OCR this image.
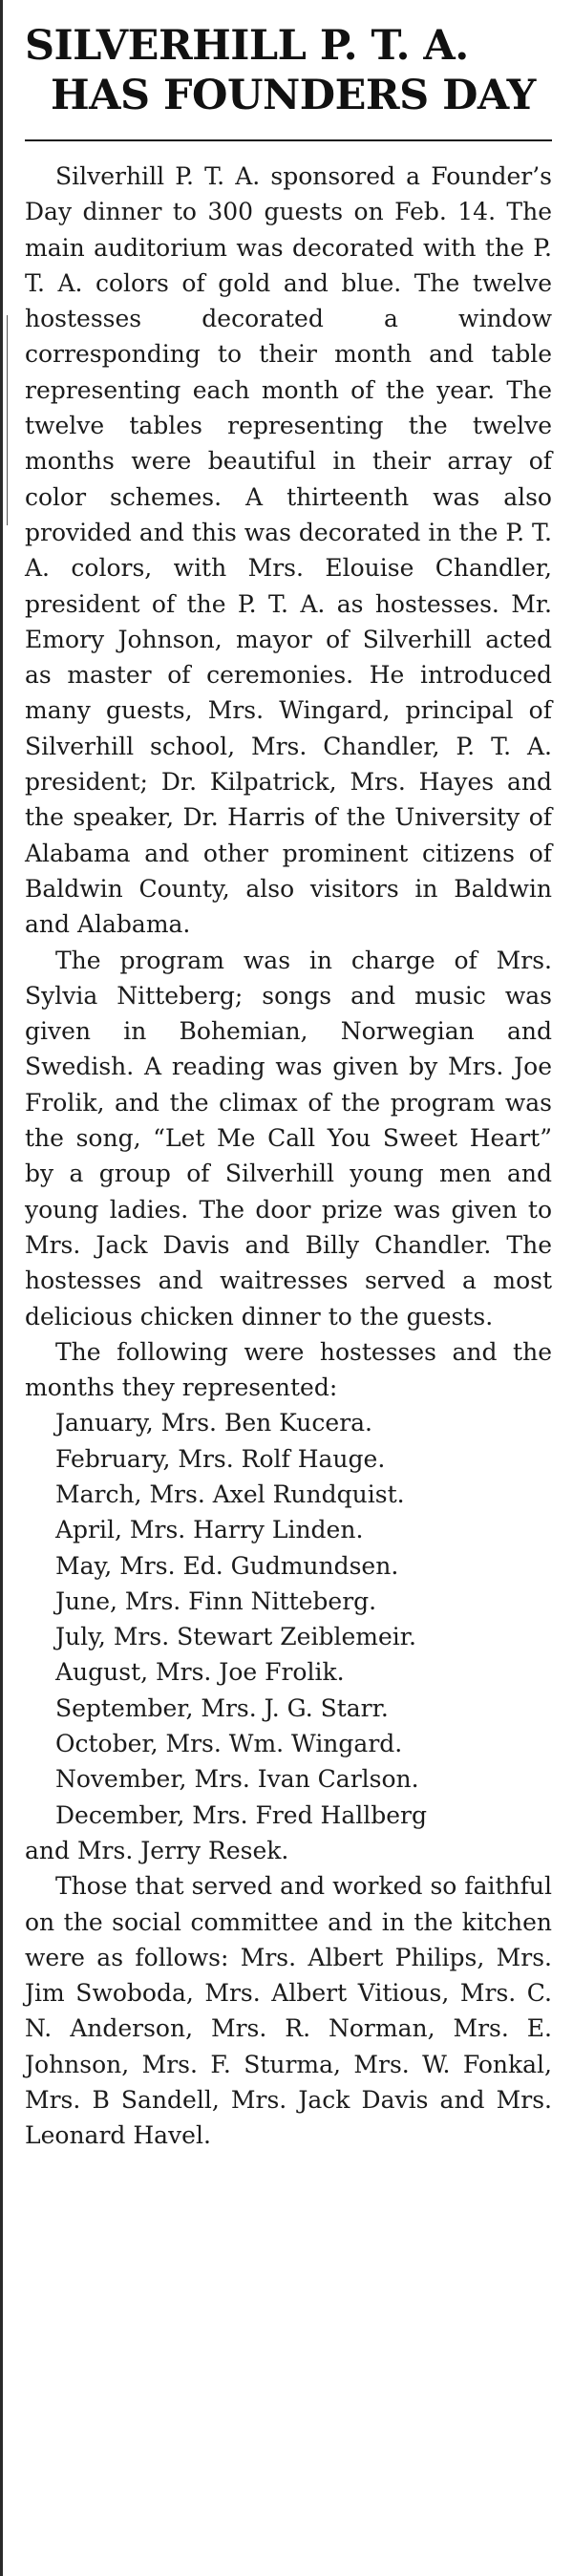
SILVERHILL P. T. A.
HAS FOUNDERS DAY

Silverhill P. T. A. sponsored a Founder’s Day dinner to 300 guests on Feb. 14. The main auditorium was decorated with the P. T. A. colors of gold and blue. The twelve hostesses decorated a window corresponding to their month and table representing each month of the year. The twelve tables representing the twelve months were beautiful in their array of color schemes. A thirteenth was also provided and this was decorated in the P. T. A. colors, with Mrs. Elouise Chandler, president of the P. T. A. as hostesses. Mr. Emory Johnson, mayor of Silverhill acted as master of ceremonies. He introduced many guests, Mrs. Wingard, principal of Silverhill school, Mrs. Chandler, P. T. A. president; Dr. Kilpatrick, Mrs. Hayes and the speaker, Dr. Harris of the University of Alabama and other prominent citizens of Baldwin County, also visitors in Baldwin and Alabama.

The program was in charge of Mrs. Sylvia Nitteberg; songs and music was given in Bohemian, Norwegian and Swedish. A reading was given by Mrs. Joe Frolik, and the climax of the program was the song, “Let Me Call You Sweet Heart” by a group of Silverhill young men and young ladies. The door prize was given to Mrs. Jack Davis and Billy Chandler. The hostesses and waitresses served a most delicious chicken dinner to the guests.

The following were hostesses and the months they represented:

January, Mrs. Ben Kucera.
February, Mrs. Rolf Hauge.
March, Mrs. Axel Rundquist.
April, Mrs. Harry Linden.
May, Mrs. Ed. Gudmundsen.
June, Mrs. Finn Nitteberg.
July, Mrs. Stewart Zeiblemeir.
August, Mrs. Joe Frolik.
September, Mrs. J. G. Starr.
October, Mrs. Wm. Wingard.
November, Mrs. Ivan Carlson.
December, Mrs. Fred Hallberg
and Mrs. Jerry Resek.

Those that served and worked so faithful on the social committee and in the kitchen were as follows: Mrs. Albert Philips, Mrs. Jim Swoboda, Mrs. Albert Vitious, Mrs. C. N. Anderson, Mrs. R. Norman, Mrs. E. Johnson, Mrs. F. Sturma, Mrs. W. Fonkal, Mrs. B Sandell, Mrs. Jack Davis and Mrs. Leonard Havel.
